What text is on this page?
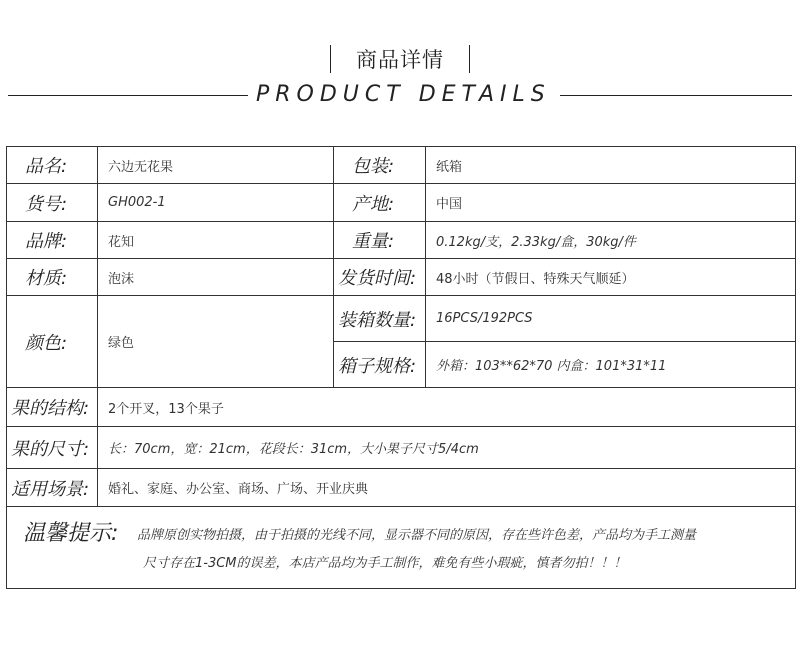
商品详情
PRODUCT DETAILS
品名:	六边无花果	包装:	纸箱
货号:	GH002-1	产地:	中国
品牌:	花知	重量:	0.12kg/支，2.33kg/盒，30kg/件
材质:	泡沫	发货时间:	48小时（节假日、特殊天气顺延）
颜色:	绿色	装箱数量:	16PCS/192PCS
		箱子规格:	外箱：103**62*70 内盒：101*31*11
果的结构:	2个开叉，13个果子		
果的尺寸:	长：70cm，宽：21cm，花段长：31cm，大小果子尺寸5/4cm		
适用场景:	婚礼、家庭、办公室、商场、广场、开业庆典		

温馨提示: 品牌原创实物拍摄，由于拍摄的光线不同，显示器不同的原因，存在些许色差，产品均为手工测量
尺寸存在1-3CM的误差，本店产品均为手工制作，难免有些小瑕疵，慎者勿拍！！！			
